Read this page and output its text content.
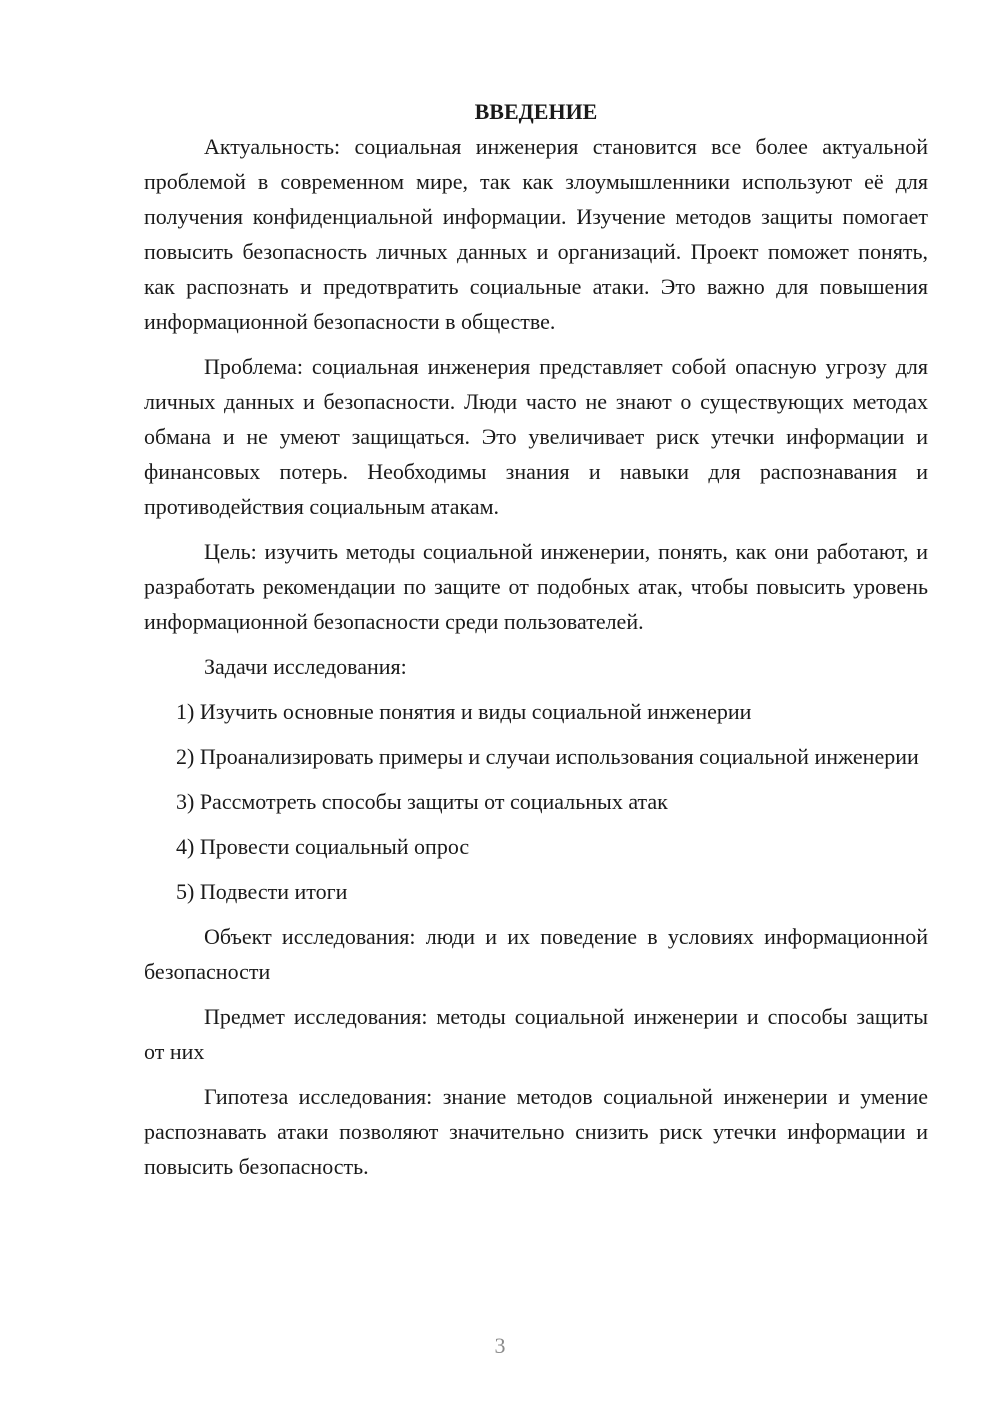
ВВЕДЕНИЕ

Актуальность: социальная инженерия становится все более актуальной проблемой в современном мире, так как злоумышленники используют её для получения конфиденциальной информации. Изучение методов защиты помогает повысить безопасность личных данных и организаций. Проект поможет понять, как распознать и предотвратить социальные атаки. Это важно для повышения информационной безопасности в обществе.

Проблема: социальная инженерия представляет собой опасную угрозу для личных данных и безопасности. Люди часто не знают о существующих методах обмана и не умеют защищаться. Это увеличивает риск утечки информации и финансовых потерь. Необходимы знания и навыки для распознавания и противодействия социальным атакам.

Цель: изучить методы социальной инженерии, понять, как они работают, и разработать рекомендации по защите от подобных атак, чтобы повысить уровень информационной безопасности среди пользователей.

Задачи исследования:

1) Изучить основные понятия и виды социальной инженерии

2) Проанализировать примеры и случаи использования социальной инженерии

3) Рассмотреть способы защиты от социальных атак

4) Провести социальный опрос

5) Подвести итоги

Объект исследования: люди и их поведение в условиях информационной безопасности

Предмет исследования: методы социальной инженерии и способы защиты от них

Гипотеза исследования: знание методов социальной инженерии и умение распознавать атаки позволяют значительно снизить риск утечки информации и повысить безопасность.

3
